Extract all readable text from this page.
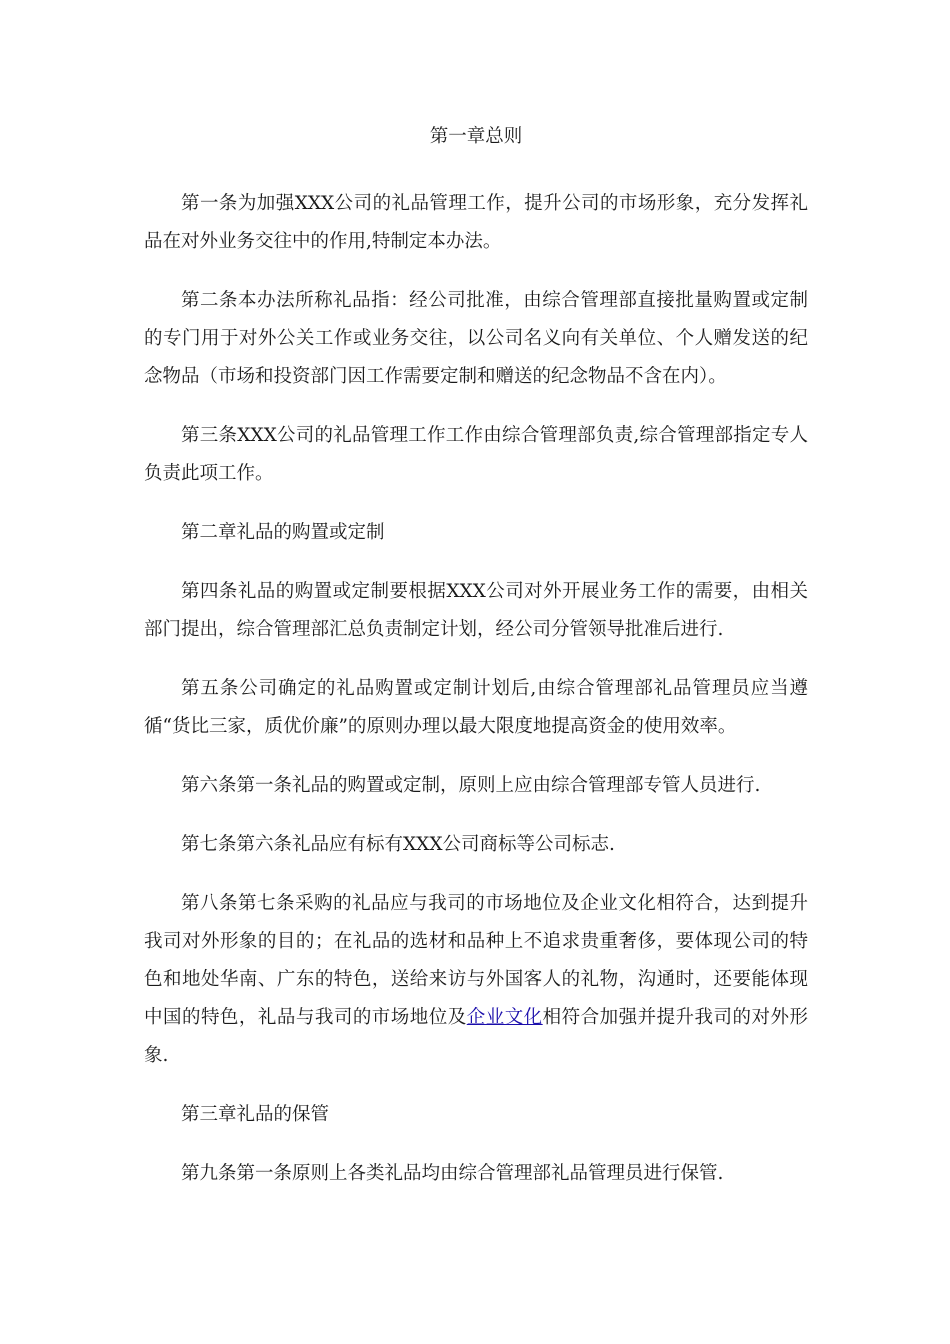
第一章总则

第一条为加强XXX公司的礼品管理工作，提升公司的市场形象，充分发挥礼品在对外业务交往中的作用,特制定本办法。

第二条本办法所称礼品指：经公司批准，由综合管理部直接批量购置或定制的专门用于对外公关工作或业务交往，以公司名义向有关单位、个人赠发送的纪念物品（市场和投资部门因工作需要定制和赠送的纪念物品不含在内）。

第三条XXX公司的礼品管理工作工作由综合管理部负责,综合管理部指定专人负责此项工作。

第二章礼品的购置或定制

第四条礼品的购置或定制要根据XXX公司对外开展业务工作的需要，由相关部门提出，综合管理部汇总负责制定计划，经公司分管领导批准后进行.

第五条公司确定的礼品购置或定制计划后,由综合管理部礼品管理员应当遵循“货比三家，质优价廉”的原则办理以最大限度地提高资金的使用效率。

第六条第一条礼品的购置或定制，原则上应由综合管理部专管人员进行.

第七条第六条礼品应有标有XXX公司商标等公司标志.

第八条第七条采购的礼品应与我司的市场地位及企业文化相符合，达到提升我司对外形象的目的；在礼品的选材和品种上不追求贵重奢侈，要体现公司的特色和地处华南、广东的特色，送给来访与外国客人的礼物，沟通时，还要能体现中国的特色，礼品与我司的市场地位及企业文化相符合加强并提升我司的对外形象.

第三章礼品的保管

第九条第一条原则上各类礼品均由综合管理部礼品管理员进行保管.
